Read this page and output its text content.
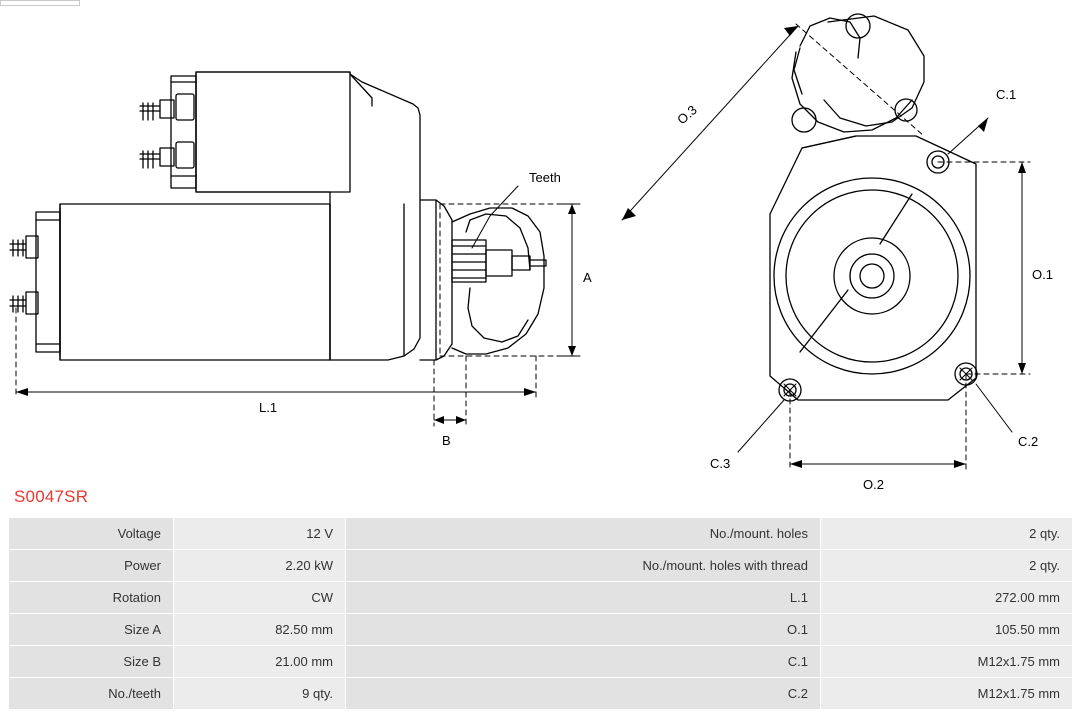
Teeth
A
B
L.1
O.1
O.2
C.1
C.2
C.3
O.3
S0047SR
Voltage	12 V	No./mount. holes	2 qty.
Power	2.20 kW	No./mount. holes with thread	2 qty.
Rotation	CW	L.1	272.00 mm
Size A	82.50 mm	O.1	105.50 mm
Size B	21.00 mm	C.1	M12x1.75 mm
No./teeth	9 qty.	C.2	M12x1.75 mm
